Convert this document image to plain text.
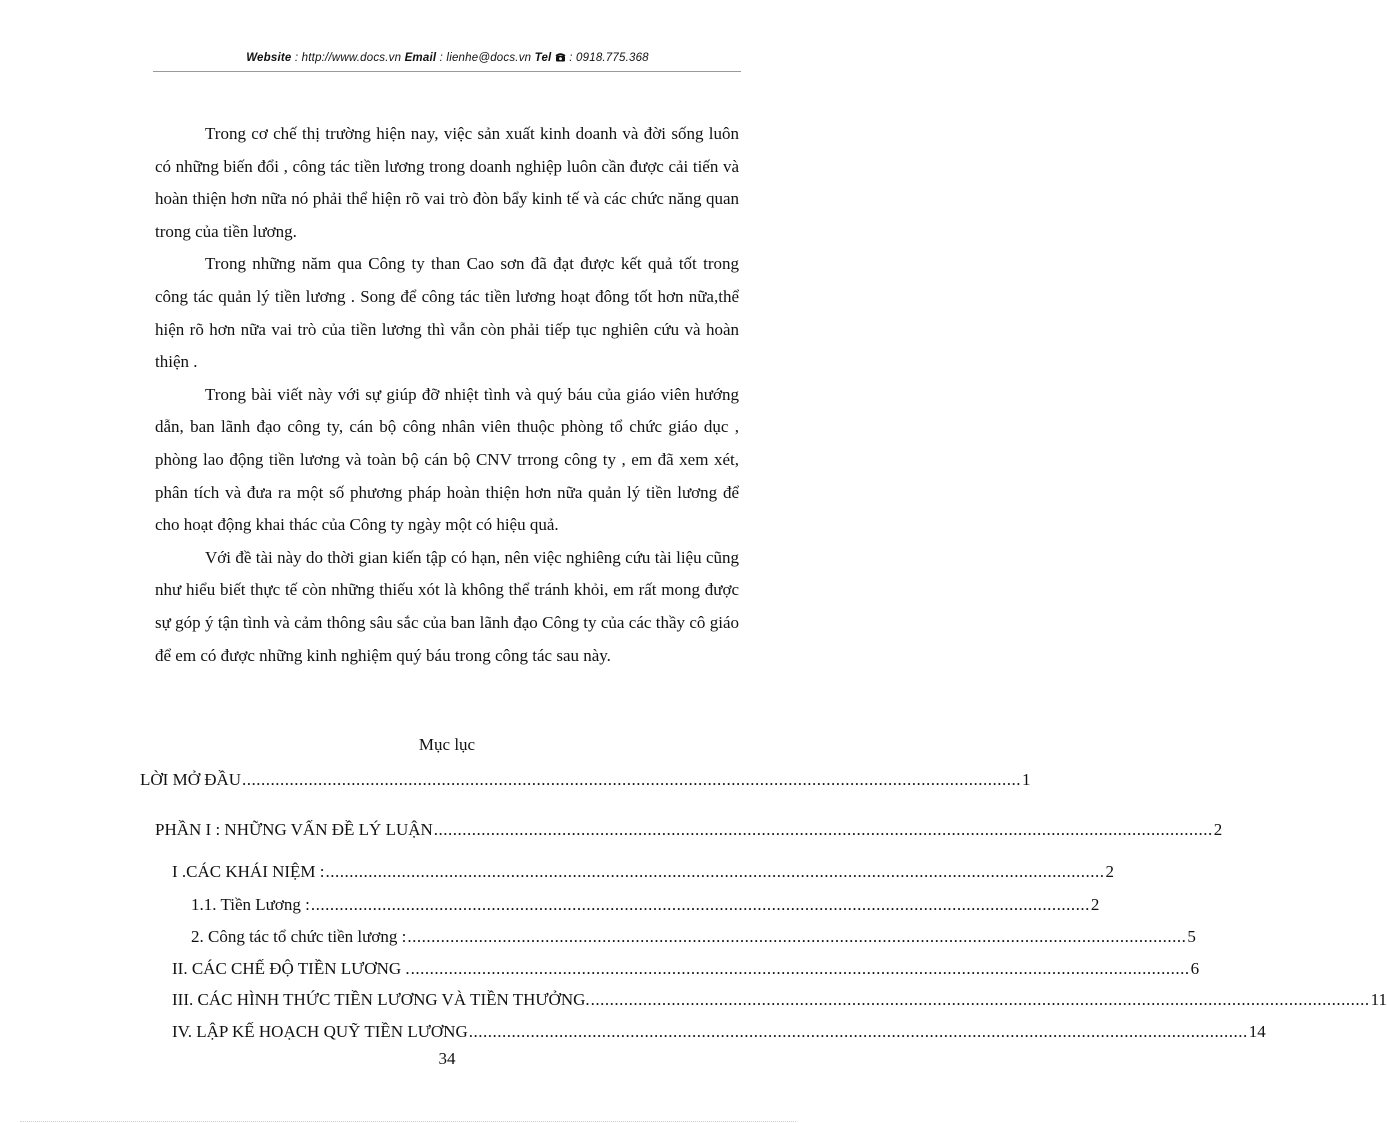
Website : http://www.docs.vn Email : lienhe@docs.vn Tel  : 0918.775.368

Trong cơ chế thị trường hiện nay, việc sản xuất kinh doanh và đời sống luôn có những biến đổi , công tác tiền lương trong doanh nghiệp luôn cần được cải tiến và hoàn thiện hơn nữa nó phải thể hiện rõ vai trò đòn bẩy kinh tế và các chức năng quan trong của tiền lương.

Trong những năm qua Công ty than Cao sơn đã đạt được kết quả tốt trong công tác quản lý tiền lương . Song để công tác tiền lương hoạt đông tốt hơn nữa,thể hiện rõ hơn nữa vai trò của tiền lương thì vẫn còn phải tiếp tục nghiên cứu và hoàn thiện .

Trong bài viết này với sự giúp đỡ nhiệt tình và quý báu của giáo viên hướng dẫn, ban lãnh đạo công ty, cán bộ công nhân viên thuộc phòng tổ chức giáo dục , phòng lao động tiền lương và toàn bộ cán bộ CNV trrong công ty , em đã xem xét, phân tích và đưa ra một số phương pháp hoàn thiện hơn nữa quản lý tiền lương để cho hoạt động khai thác của Công ty ngày một có hiệu quả.

Với đề tài này do thời gian kiến tập có hạn, nên việc nghiêng cứu tài liệu cũng như hiểu biết thực tế còn những thiếu xót là không thể tránh khỏi, em rất mong được sự góp ý tận tình và cảm thông sâu sắc của ban lãnh đạo Công ty của các thầy cô giáo để em có được những kinh nghiệm quý báu trong công tác sau này.

Mục lục
LỜI MỞ ĐẦU .................................................................................................................................................................... 1
PHẦN I : NHỮNG VẤN ĐỀ LÝ LUẬN .................................................................................................................................................................... 2
I .CÁC KHÁI NIỆM : .................................................................................................................................................................... 2
1.1. Tiền Lương : .................................................................................................................................................................... 2
2. Công tác tổ chức tiền lương : .................................................................................................................................................................... 5
II. CÁC CHẾ ĐỘ TIỀN LƯƠNG . .................................................................................................................................................................... 6
III. CÁC HÌNH THỨC TIỀN LƯƠNG VÀ TIỀN THƯỞNG. .................................................................................................................................................................... 11
IV. LẬP KẾ HOẠCH QUỸ TIỀN LƯƠNG .................................................................................................................................................................... 14
34
